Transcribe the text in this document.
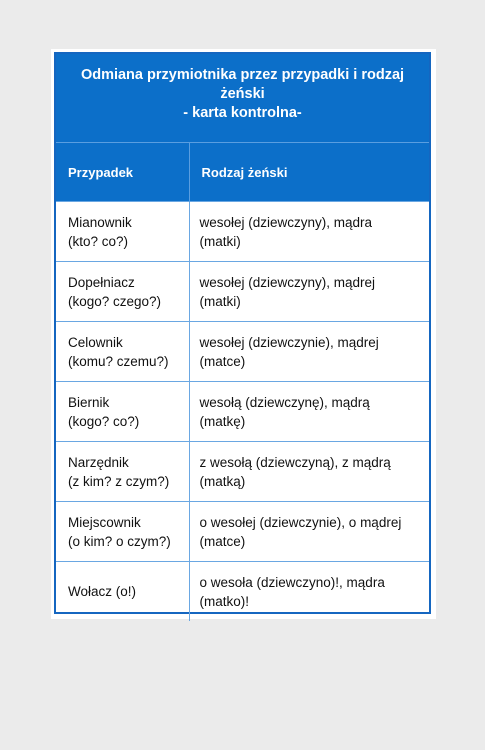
Odmiana przymiotnika przez przypadki i rodzaj
żeński
- karta kontrolna-
Przypadek	Rodzaj żeński

Mianownik
(kto? co?)	wesołej (dziewczyny), mądra
(matki)

Dopełniacz
(kogo? czego?)	wesołej (dziewczyny), mądrej
(matki)

Celownik
(komu? czemu?)	wesołej (dziewczynie), mądrej
(matce)

Biernik
(kogo? co?)	wesołą (dziewczynę), mądrą
(matkę)

Narzędnik
(z kim? z czym?)	z wesołą (dziewczyną), z mądrą
(matką)

Miejscownik
(o kim? o czym?)	o wesołej (dziewczynie), o mądrej
(matce)

Wołacz (o!)	o wesoła (dziewczyno)!, mądra
(matko)!
